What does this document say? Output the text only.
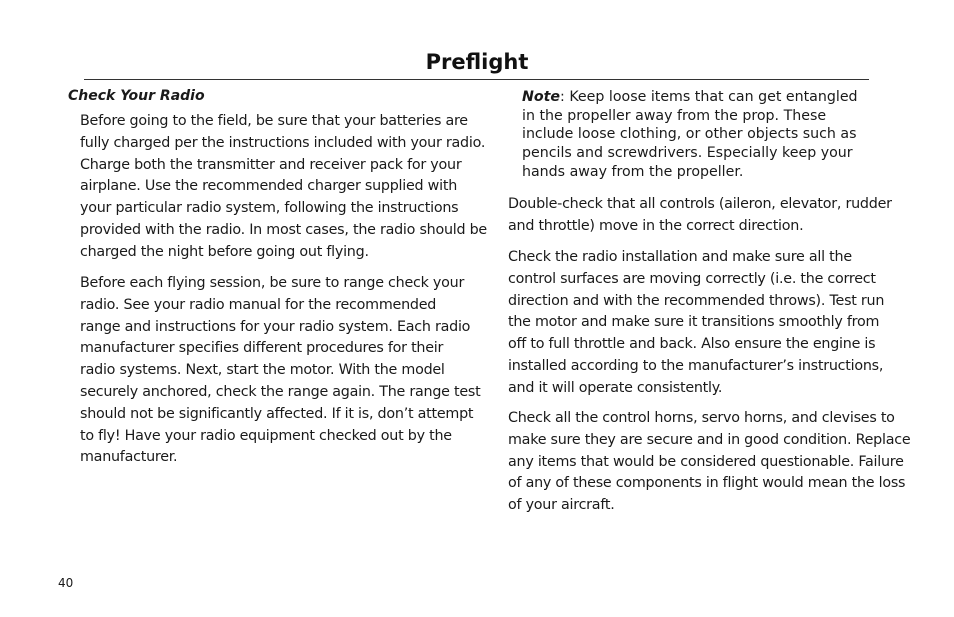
Preflight
Check Your Radio

Before going to the field, be sure that your batteries are
fully charged per the instructions included with your radio.
Charge both the transmitter and receiver pack for your
airplane. Use the recommended charger supplied with
your particular radio system, following the instructions
provided with the radio. In most cases, the radio should be
charged the night before going out flying.

Before each flying session, be sure to range check your
radio. See your radio manual for the recommended
range and instructions for your radio system. Each radio
manufacturer specifies different procedures for their
radio systems. Next, start the motor. With the model
securely anchored, check the range again. The range test
should not be significantly affected. If it is, don’t attempt
to fly! Have your radio equipment checked out by the
manufacturer.

Note: Keep loose items that can get entangled
in the propeller away from the prop. These
include loose clothing, or other objects such as
pencils and screwdrivers. Especially keep your
hands away from the propeller.

Double-check that all controls (aileron, elevator, rudder
and throttle) move in the correct direction.

Check the radio installation and make sure all the
control surfaces are moving correctly (i.e. the correct
direction and with the recommended throws). Test run
the motor and make sure it transitions smoothly from
off to full throttle and back. Also ensure the engine is
installed according to the manufacturer’s instructions,
and it will operate consistently.

Check all the control horns, servo horns, and clevises to
make sure they are secure and in good condition. Replace
any items that would be considered questionable. Failure
of any of these components in flight would mean the loss
of your aircraft.

40
